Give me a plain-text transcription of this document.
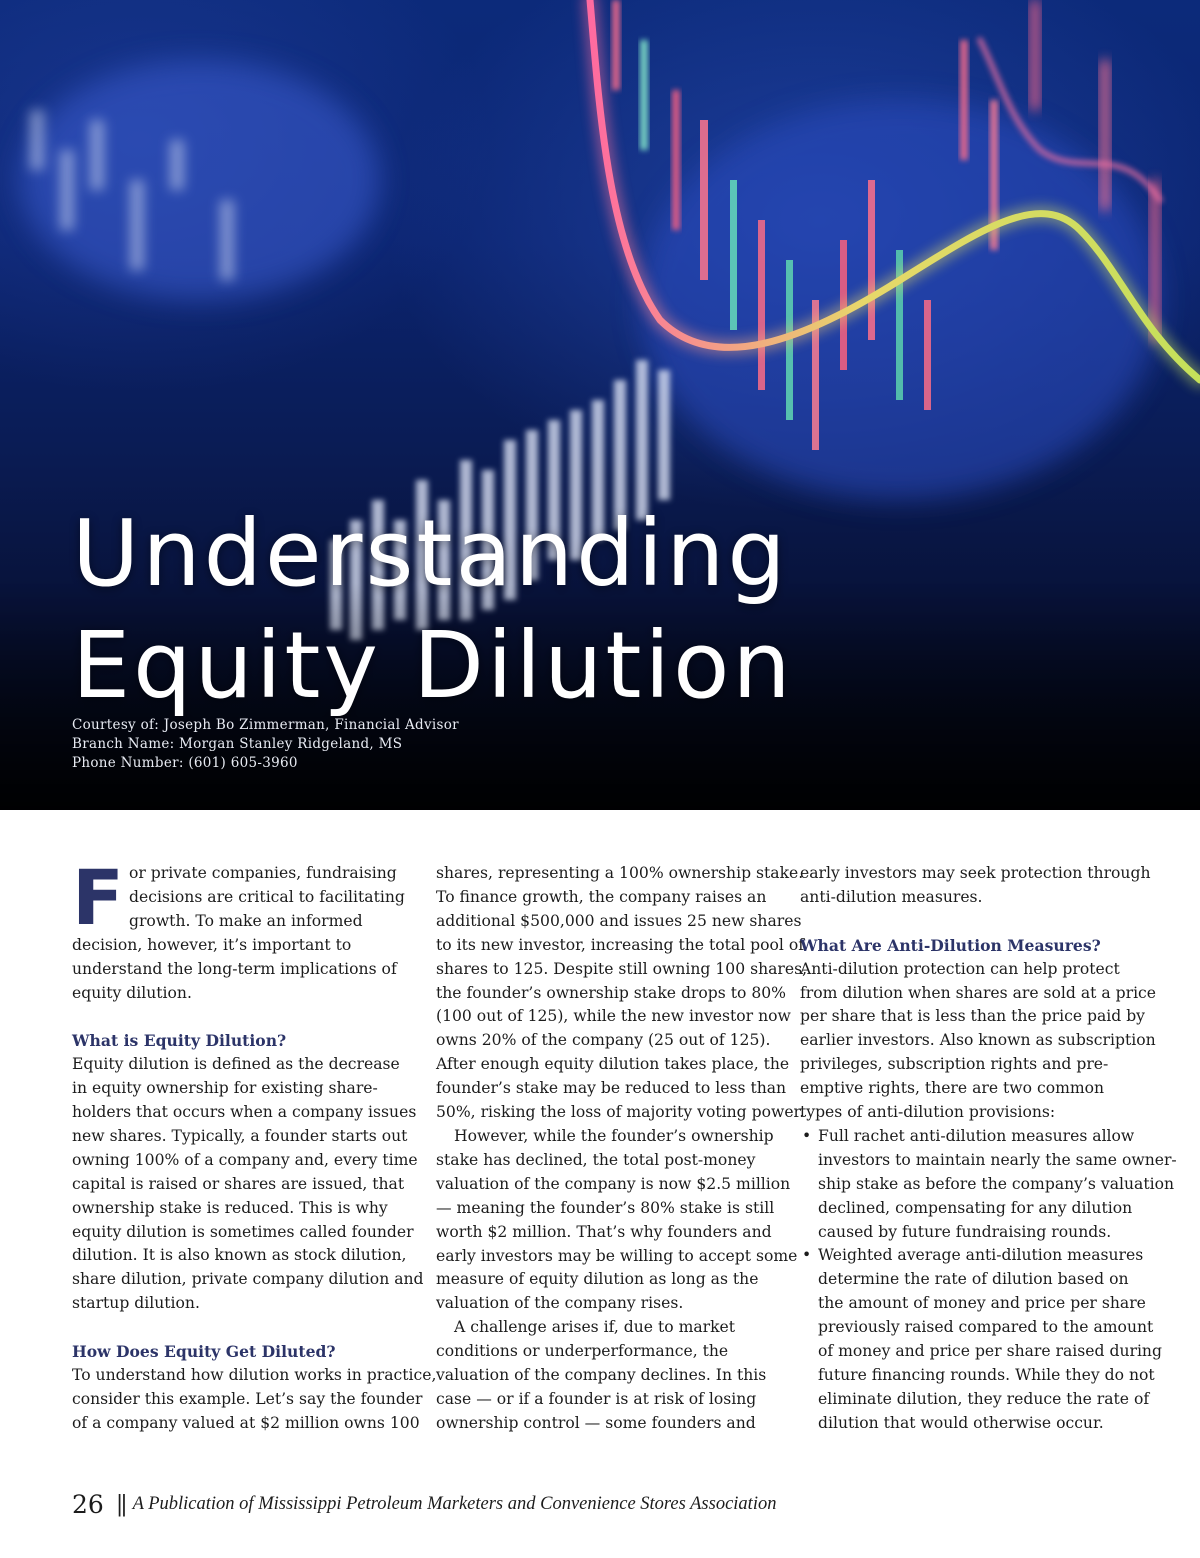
Understanding
Equity Dilution
Courtesy of: Joseph Bo Zimmerman, Financial Advisor
Branch Name: Morgan Stanley Ridgeland, MS
Phone Number: (601) 605-3960
F or private companies, fundraising
decisions are critical to facilitating
growth. To make an informed
decision, however, it’s important to
understand the long-term implications of
equity dilution.
What is Equity Dilution?

Equity dilution is defined as the decrease
in equity ownership for existing share-
holders that occurs when a company issues
new shares. Typically, a founder starts out
owning 100% of a company and, every time
capital is raised or shares are issued, that
ownership stake is reduced. This is why
equity dilution is sometimes called founder
dilution. It is also known as stock dilution,
share dilution, private company dilution and
startup dilution.

How Does Equity Get Diluted?

To understand how dilution works in practice,
consider this example. Let’s say the founder
of a company valued at $2 million owns 100

shares, representing a 100% ownership stake.
To finance growth, the company raises an
additional $500,000 and issues 25 new shares
to its new investor, increasing the total pool of
shares to 125. Despite still owning 100 shares,
the founder’s ownership stake drops to 80%
(100 out of 125), while the new investor now
owns 20% of the company (25 out of 125).
After enough equity dilution takes place, the
founder’s stake may be reduced to less than
50%, risking the loss of majority voting power.

However, while the founder’s ownership
stake has declined, the total post-money
valuation of the company is now $2.5 million
— meaning the founder’s 80% stake is still
worth $2 million. That’s why founders and
early investors may be willing to accept some
measure of equity dilution as long as the
valuation of the company rises.

A challenge arises if, due to market
conditions or underperformance, the
valuation of the company declines. In this
case — or if a founder is at risk of losing
ownership control — some founders and

early investors may seek protection through
anti-dilution measures.

What Are Anti-Dilution Measures?

Anti-dilution protection can help protect
from dilution when shares are sold at a price
per share that is less than the price paid by
earlier investors. Also known as subscription
privileges, subscription rights and pre-
emptive rights, there are two common
types of anti-dilution provisions:

• Full rachet anti-dilution measures allow
investors to maintain nearly the same owner-
ship stake as before the company’s valuation
declined, compensating for any dilution
caused by future fundraising rounds.
• Weighted average anti-dilution measures
determine the rate of dilution based on
the amount of money and price per share
previously raised compared to the amount
of money and price per share raised during
future financing rounds. While they do not
eliminate dilution, they reduce the rate of
dilution that would otherwise occur.
26 || A Publication of Mississippi Petroleum Marketers and Convenience Stores Association
